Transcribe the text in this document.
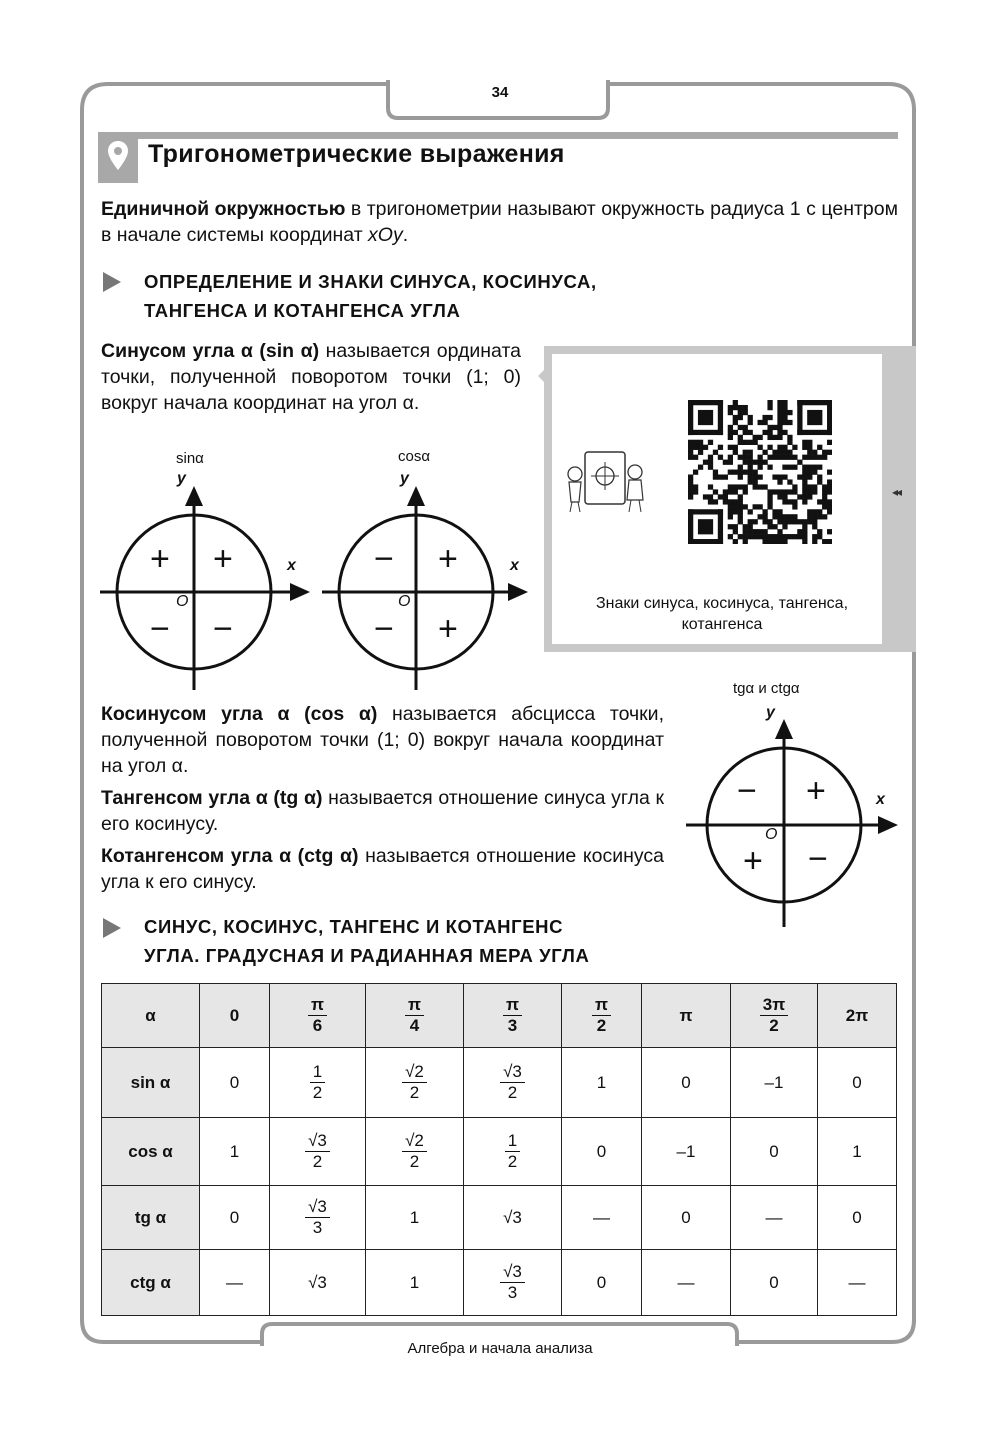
34
Тригонометрические выражения
Единичной окружностью в тригонометрии называют окружность радиуса 1 с центром в начале системы координат xOy.
ОПРЕДЕЛЕНИЕ И ЗНАКИ СИНУСА, КОСИНУСА,
ТАНГЕНСА И КОТАНГЕНСА УГЛА
Синусом угла α (sin α) называется ордината точки, полученной поворотом точки (1; 0) вокруг начала координат на угол α.
sinα
y
x
O
+ +
− −
cosα
y
x
O
− +
− +
◂◂
Знаки синуса, косинуса, тангенса, котангенса
Косинусом угла α (cos α) называется абсцисса точки, полученной поворотом точки (1; 0) вокруг начала координат на угол α.
Тангенсом угла α (tg α) называется отношение синуса угла к его косинусу.
Котангенсом угла α (ctg α) называется отношение косинуса угла к его синусу.
tgα и ctgα
y
x
O
− +
+ −
СИНУС, КОСИНУС, ТАНГЕНС И КОТАНГЕНС
УГЛА. ГРАДУСНАЯ И РАДИАННАЯ МЕРА УГЛА
α	0	$\frac{\pi}{6}$	$\frac{\pi}{4}$	$\frac{\pi}{3}$	$\frac{\pi}{2}$	π	$\frac{3\pi}{2}$	2π
sin α	0	$\frac{1}{2}$	$\frac{√2}{2}$	$\frac{√3}{2}$	1	0	–1	0
cos α	1	$\frac{√3}{2}$	$\frac{√2}{2}$	$\frac{1}{2}$	0	–1	0	1
tg α	0	$\frac{√3}{3}$	1	√3	—	0	—	0
ctg α	—	√3	1	$\frac{√3}{3}$	0	—	0	—
Алгебра и начала анализа
